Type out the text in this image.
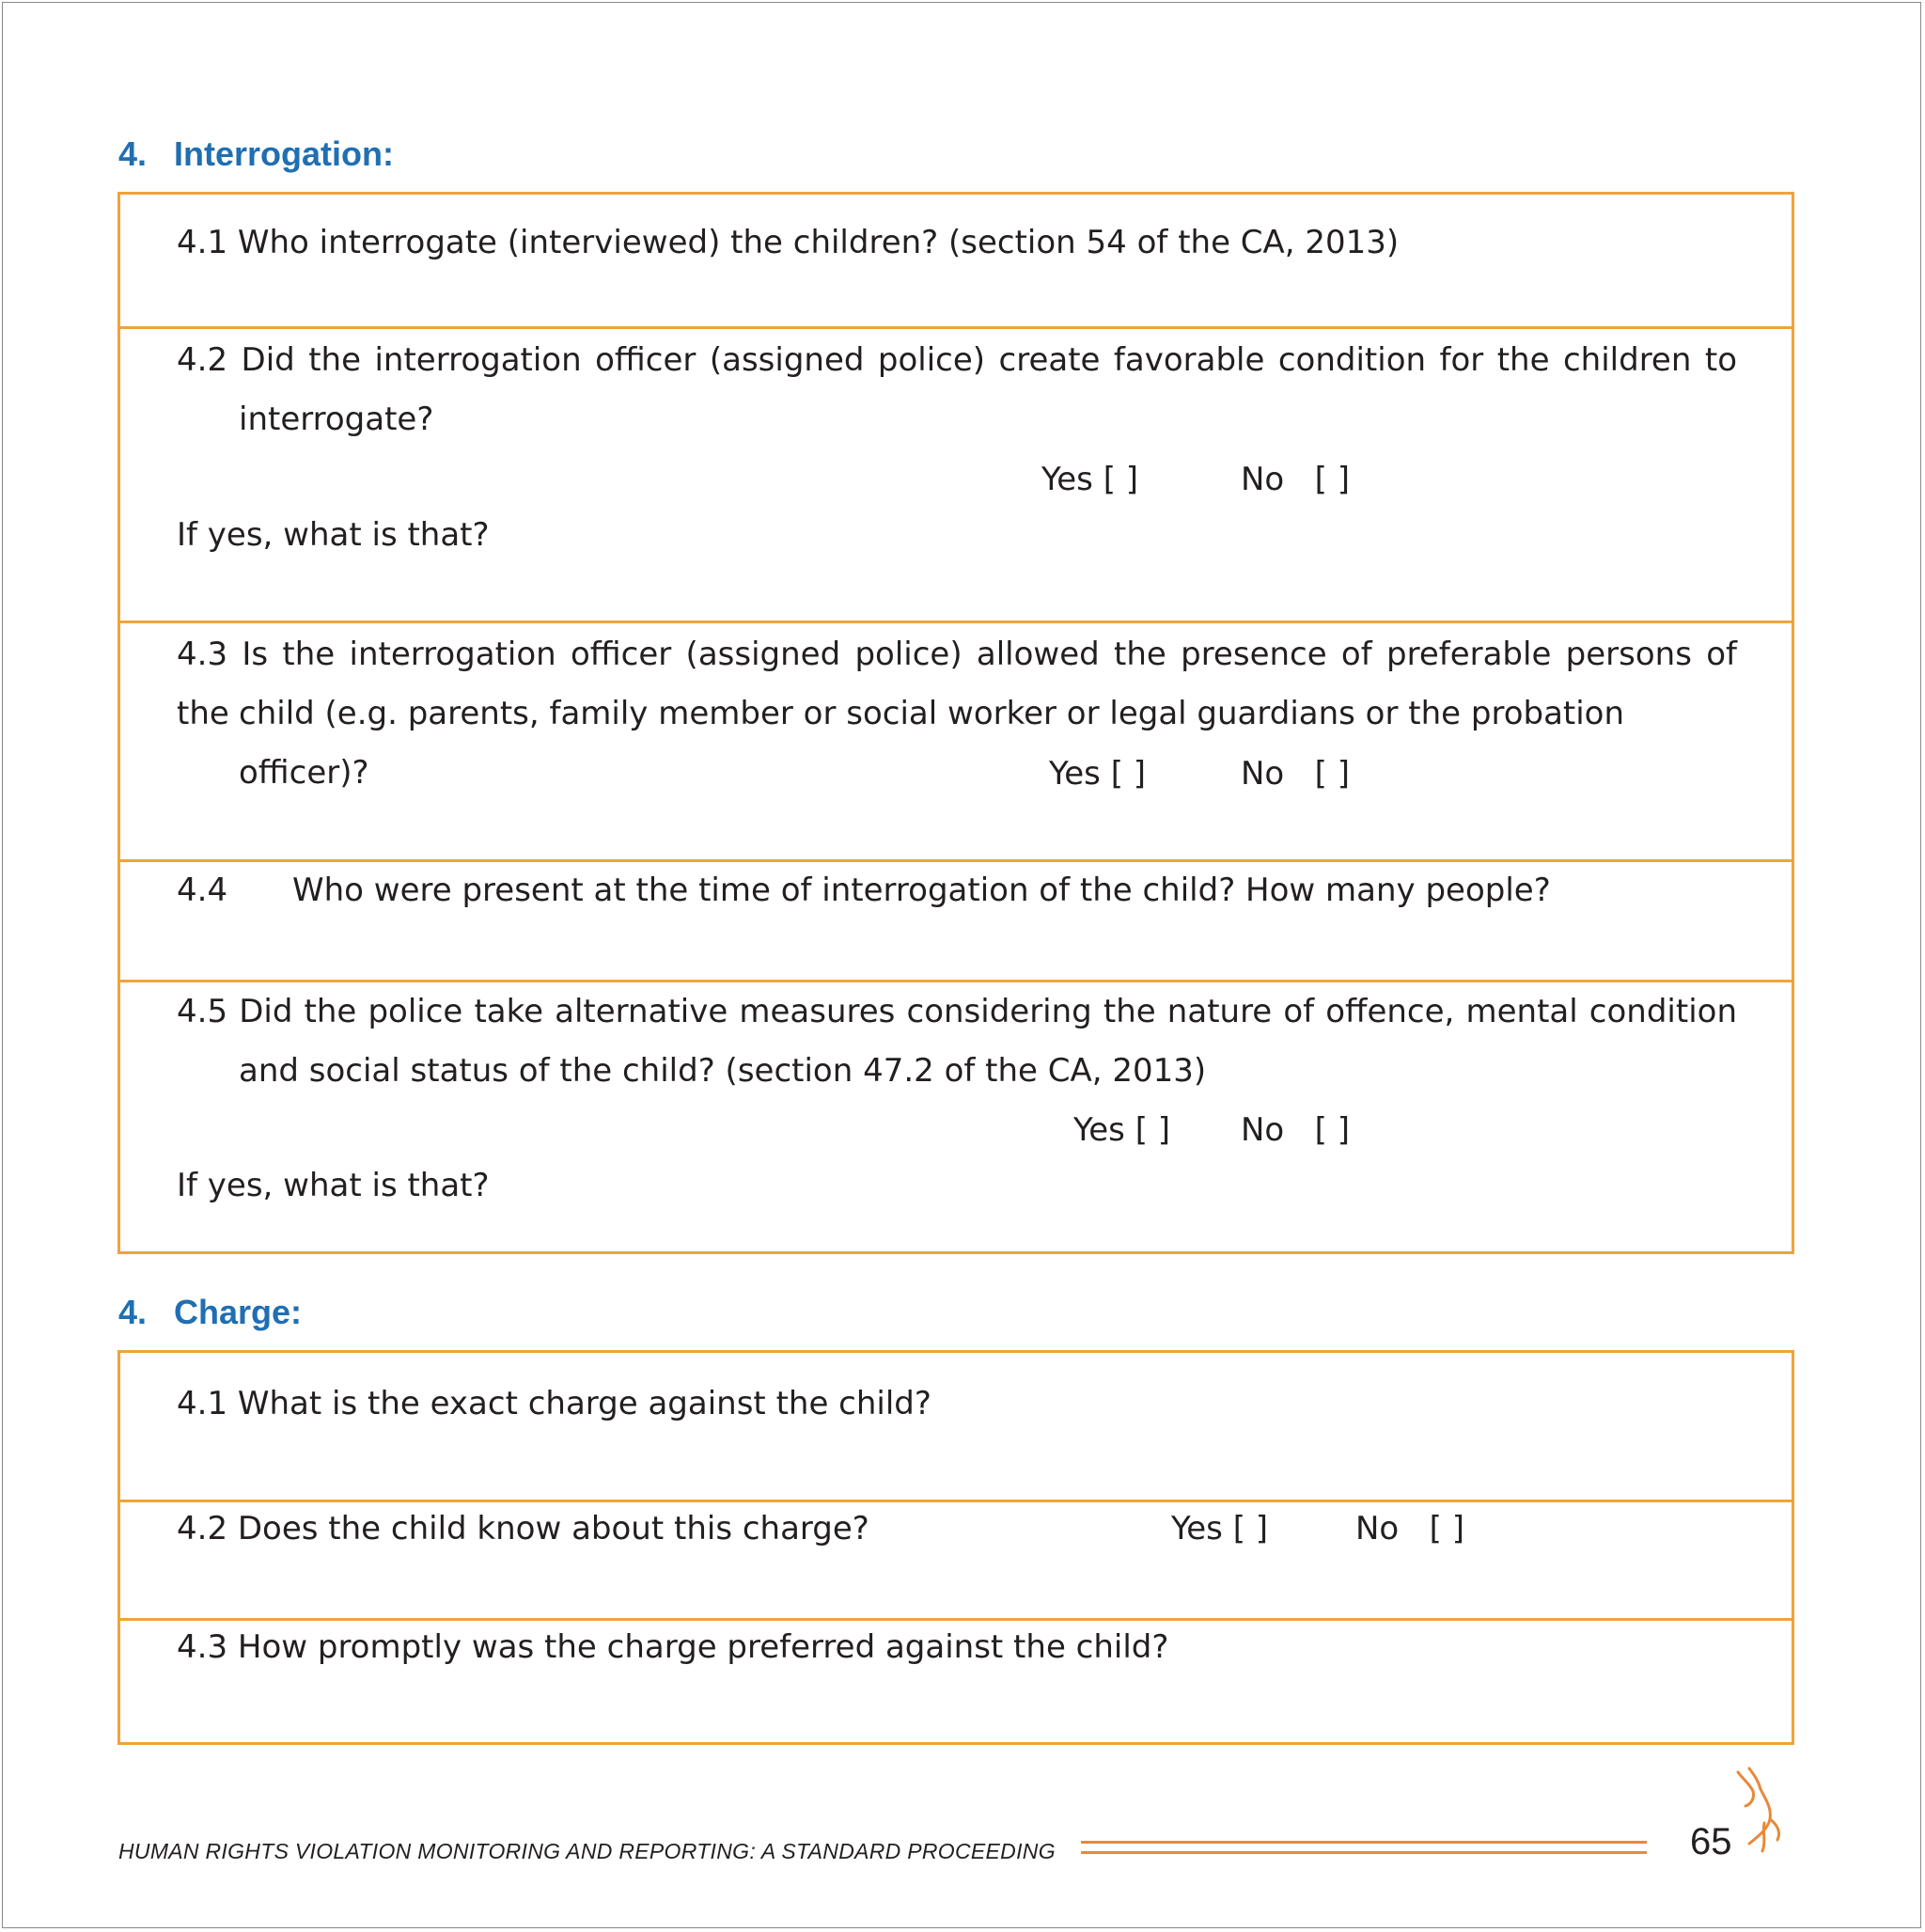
4. Interrogation:
4.1 Who interrogate (interviewed) the children? (section 54 of the CA, 2013)
4.2 Did the interrogation officer (assigned police) create favorable condition for the children to
interrogate?
Yes [ ]	No   [ ]
If yes, what is that?
4.3 Is the interrogation officer (assigned police) allowed the presence of preferable persons of the child (e.g. parents, family member or social worker or legal guardians or the probation officer)?	Yes [ ]	No   [ ]
4.4 Who were present at the time of interrogation of the child? How many people?
4.5 Did the police take alternative measures considering the nature of offence, mental condition
and social status of the child? (section 47.2 of the CA, 2013)
Yes [ ] No   [ ]
If yes, what is that?
4. Charge:
4.1 What is the exact charge against the child?
4.2 Does the child know about this charge?	Yes [ ]	No   [ ]
4.3 How promptly was the charge preferred against the child?
HUMAN RIGHTS VIOLATION MONITORING AND REPORTING: A STANDARD PROCEEDING	65
